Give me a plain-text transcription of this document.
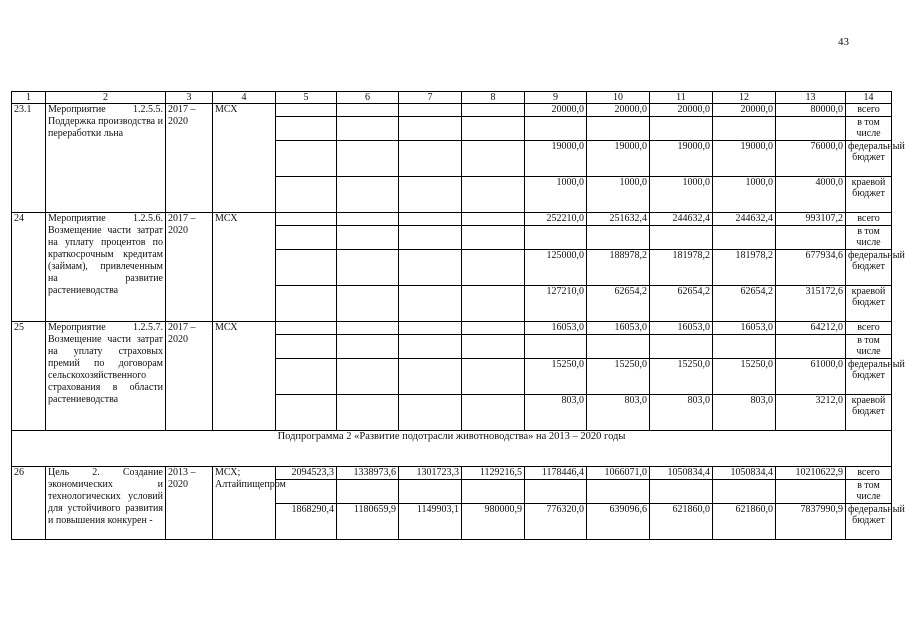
43
1	2	3	4	5	6	7	8	9	10	11	12	13	14
23.1	Мероприятие 1.2.5.5. Поддержка производства и переработки льна	2017 – 2020	МСХ					20000,0	20000,0	20000,0	20000,0	80000,0	всего
													в том числе
								19000,0	19000,0	19000,0	19000,0	76000,0	федеральный бюджет
								1000,0	1000,0	1000,0	1000,0	4000,0	краевой бюджет
24	Мероприятие 1.2.5.6. Возмещение части затрат на уплату процентов по краткосрочным кредитам (займам), привлеченным на развитие растениеводства	2017 – 2020	МСХ					252210,0	251632,4	244632,4	244632,4	993107,2	всего
													в том числе
								125000,0	188978,2	181978,2	181978,2	677934,6	федеральный бюджет
								127210,0	62654,2	62654,2	62654,2	315172,6	краевой бюджет
25	Мероприятие 1.2.5.7. Возмещение части затрат на уплату страховых премий по договорам сельскохозяйственного страхования в области растениеводства	2017 – 2020	МСХ					16053,0	16053,0	16053,0	16053,0	64212,0	всего
													в том числе
								15250,0	15250,0	15250,0	15250,0	61000,0	федеральный бюджет
								803,0	803,0	803,0	803,0	3212,0	краевой бюджет
Подпрограмма 2 «Развитие подотрасли животноводства» на 2013 – 2020 годы													
26	Цель 2. Создание экономических и технологических условий для устойчивого развития и повышения конкурен -	2013 – 2020	МСХ; Алтайпищепром	2094523,3	1338973,6	1301723,3	1129216,5	1178446,4	1066071,0	1050834,4	1050834,4	10210622,9	всего
													в том числе
				1868290,4	1180659,9	1149903,1	980000,9	776320,0	639096,6	621860,0	621860,0	7837990,9	федеральный бюджет
